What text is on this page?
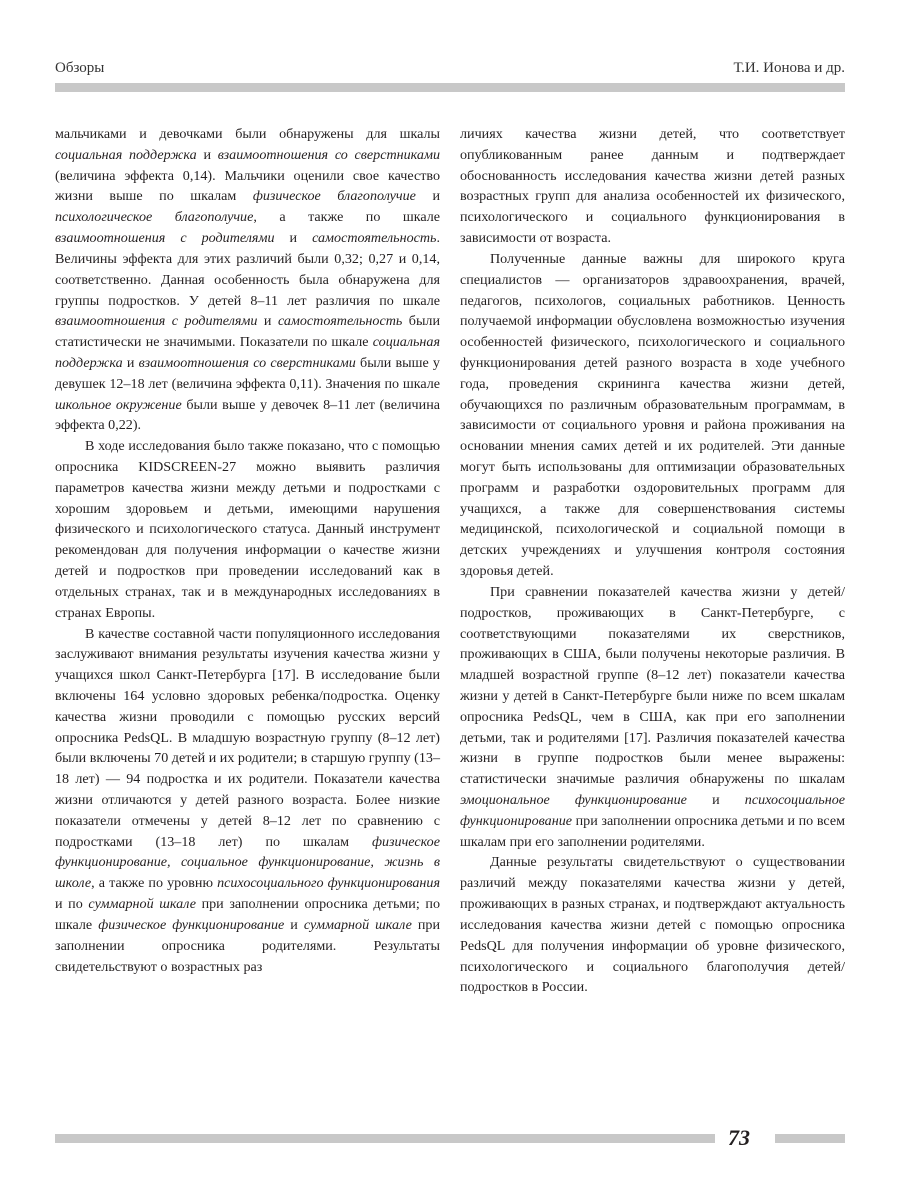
Обзоры	Т.И. Ионова и др.

мальчиками и девочками были обнаружены для шкалы социальная поддержка и взаимоотношения со сверстниками (величина эффекта 0,14). Мальчики оценили свое качество жизни выше по шкалам физическое благополучие и психологическое благополучие, а также по шкале взаимоотношения с родителями и самостоятельность. Величины эффекта для этих различий были 0,32; 0,27 и 0,14, соответственно. Данная особенность была обнаружена для группы подростков. У детей 8–11 лет различия по шкале взаимоотношения с родителями и самостоятельность были статистически не значимыми. Показатели по шкале социальная поддержка и взаимоотношения со сверстниками были выше у девушек 12–18 лет (величина эффекта 0,11). Значения по шкале школьное окружение были выше у девочек 8–11 лет (величина эффекта 0,22).

В ходе исследования было также показано, что с помощью опросника KIDSCREEN-27 можно выявить различия параметров качества жизни между детьми и подростками с хорошим здоровьем и детьми, имеющими нарушения физического и психологического статуса. Данный инструмент рекомендован для получения информации о качестве жизни детей и подростков при проведении исследований как в отдельных странах, так и в международных исследованиях в странах Европы.

В качестве составной части популяционного исследования заслуживают внимания результаты изучения качества жизни у учащихся школ Санкт-Петербурга [17]. В исследование были включены 164 условно здоровых ребенка/подростка. Оценку качества жизни проводили с помощью русских версий опросника PedsQL. В младшую возрастную группу (8–12 лет) были включены 70 детей и их родители; в старшую группу (13–18 лет) — 94 подростка и их родители. Показатели качества жизни отличаются у детей разного возраста. Более низкие показатели отмечены у детей 8–12 лет по сравнению с подростками (13–18 лет) по шкалам физическое функционирование, социальное функционирование, жизнь в школе, а также по уровню психосоциального функционирования и по суммарной шкале при заполнении опросника детьми; по шкале физическое функционирование и суммарной шкале при заполнении опросника родителями. Результаты свидетельствуют о возрастных раз

личиях качества жизни детей, что соответствует опубликованным ранее данным и подтверждает обоснованность исследования качества жизни детей разных возрастных групп для анализа особенностей их физического, психологического и социального функционирования в зависимости от возраста.

Полученные данные важны для широкого круга специалистов — организаторов здравоохранения, врачей, педагогов, психологов, социальных работников. Ценность получаемой информации обусловлена возможностью изучения особенностей физического, психологического и социального функционирования детей разного возраста в ходе учебного года, проведения скрининга качества жизни детей, обучающихся по различным образовательным программам, в зависимости от социального уровня и района проживания на основании мнения самих детей и их родителей. Эти данные могут быть использованы для оптимизации образовательных программ и разработки оздоровительных программ для учащихся, а также для совершенствования системы медицинской, психологической и социальной помощи в детских учреждениях и улучшения контроля состояния здоровья детей.

При сравнении показателей качества жизни у детей/подростков, проживающих в Санкт-Петербурге, с соответствующими показателями их сверстников, проживающих в США, были получены некоторые различия. В младшей возрастной группе (8–12 лет) показатели качества жизни у детей в Санкт-Петербурге были ниже по всем шкалам опросника PedsQL, чем в США, как при его заполнении детьми, так и родителями [17]. Различия показателей качества жизни в группе подростков были менее выражены: статистически значимые различия обнаружены по шкалам эмоциональное функционирование и психосоциальное функционирование при заполнении опросника детьми и по всем шкалам при его заполнении родителями.

Данные результаты свидетельствуют о существовании различий между показателями качества жизни у детей, проживающих в разных странах, и подтверждают актуальность исследования качества жизни детей с помощью опросника PedsQL для получения информации об уровне физического, психологического и социального благополучия детей/подростков в России.

73
